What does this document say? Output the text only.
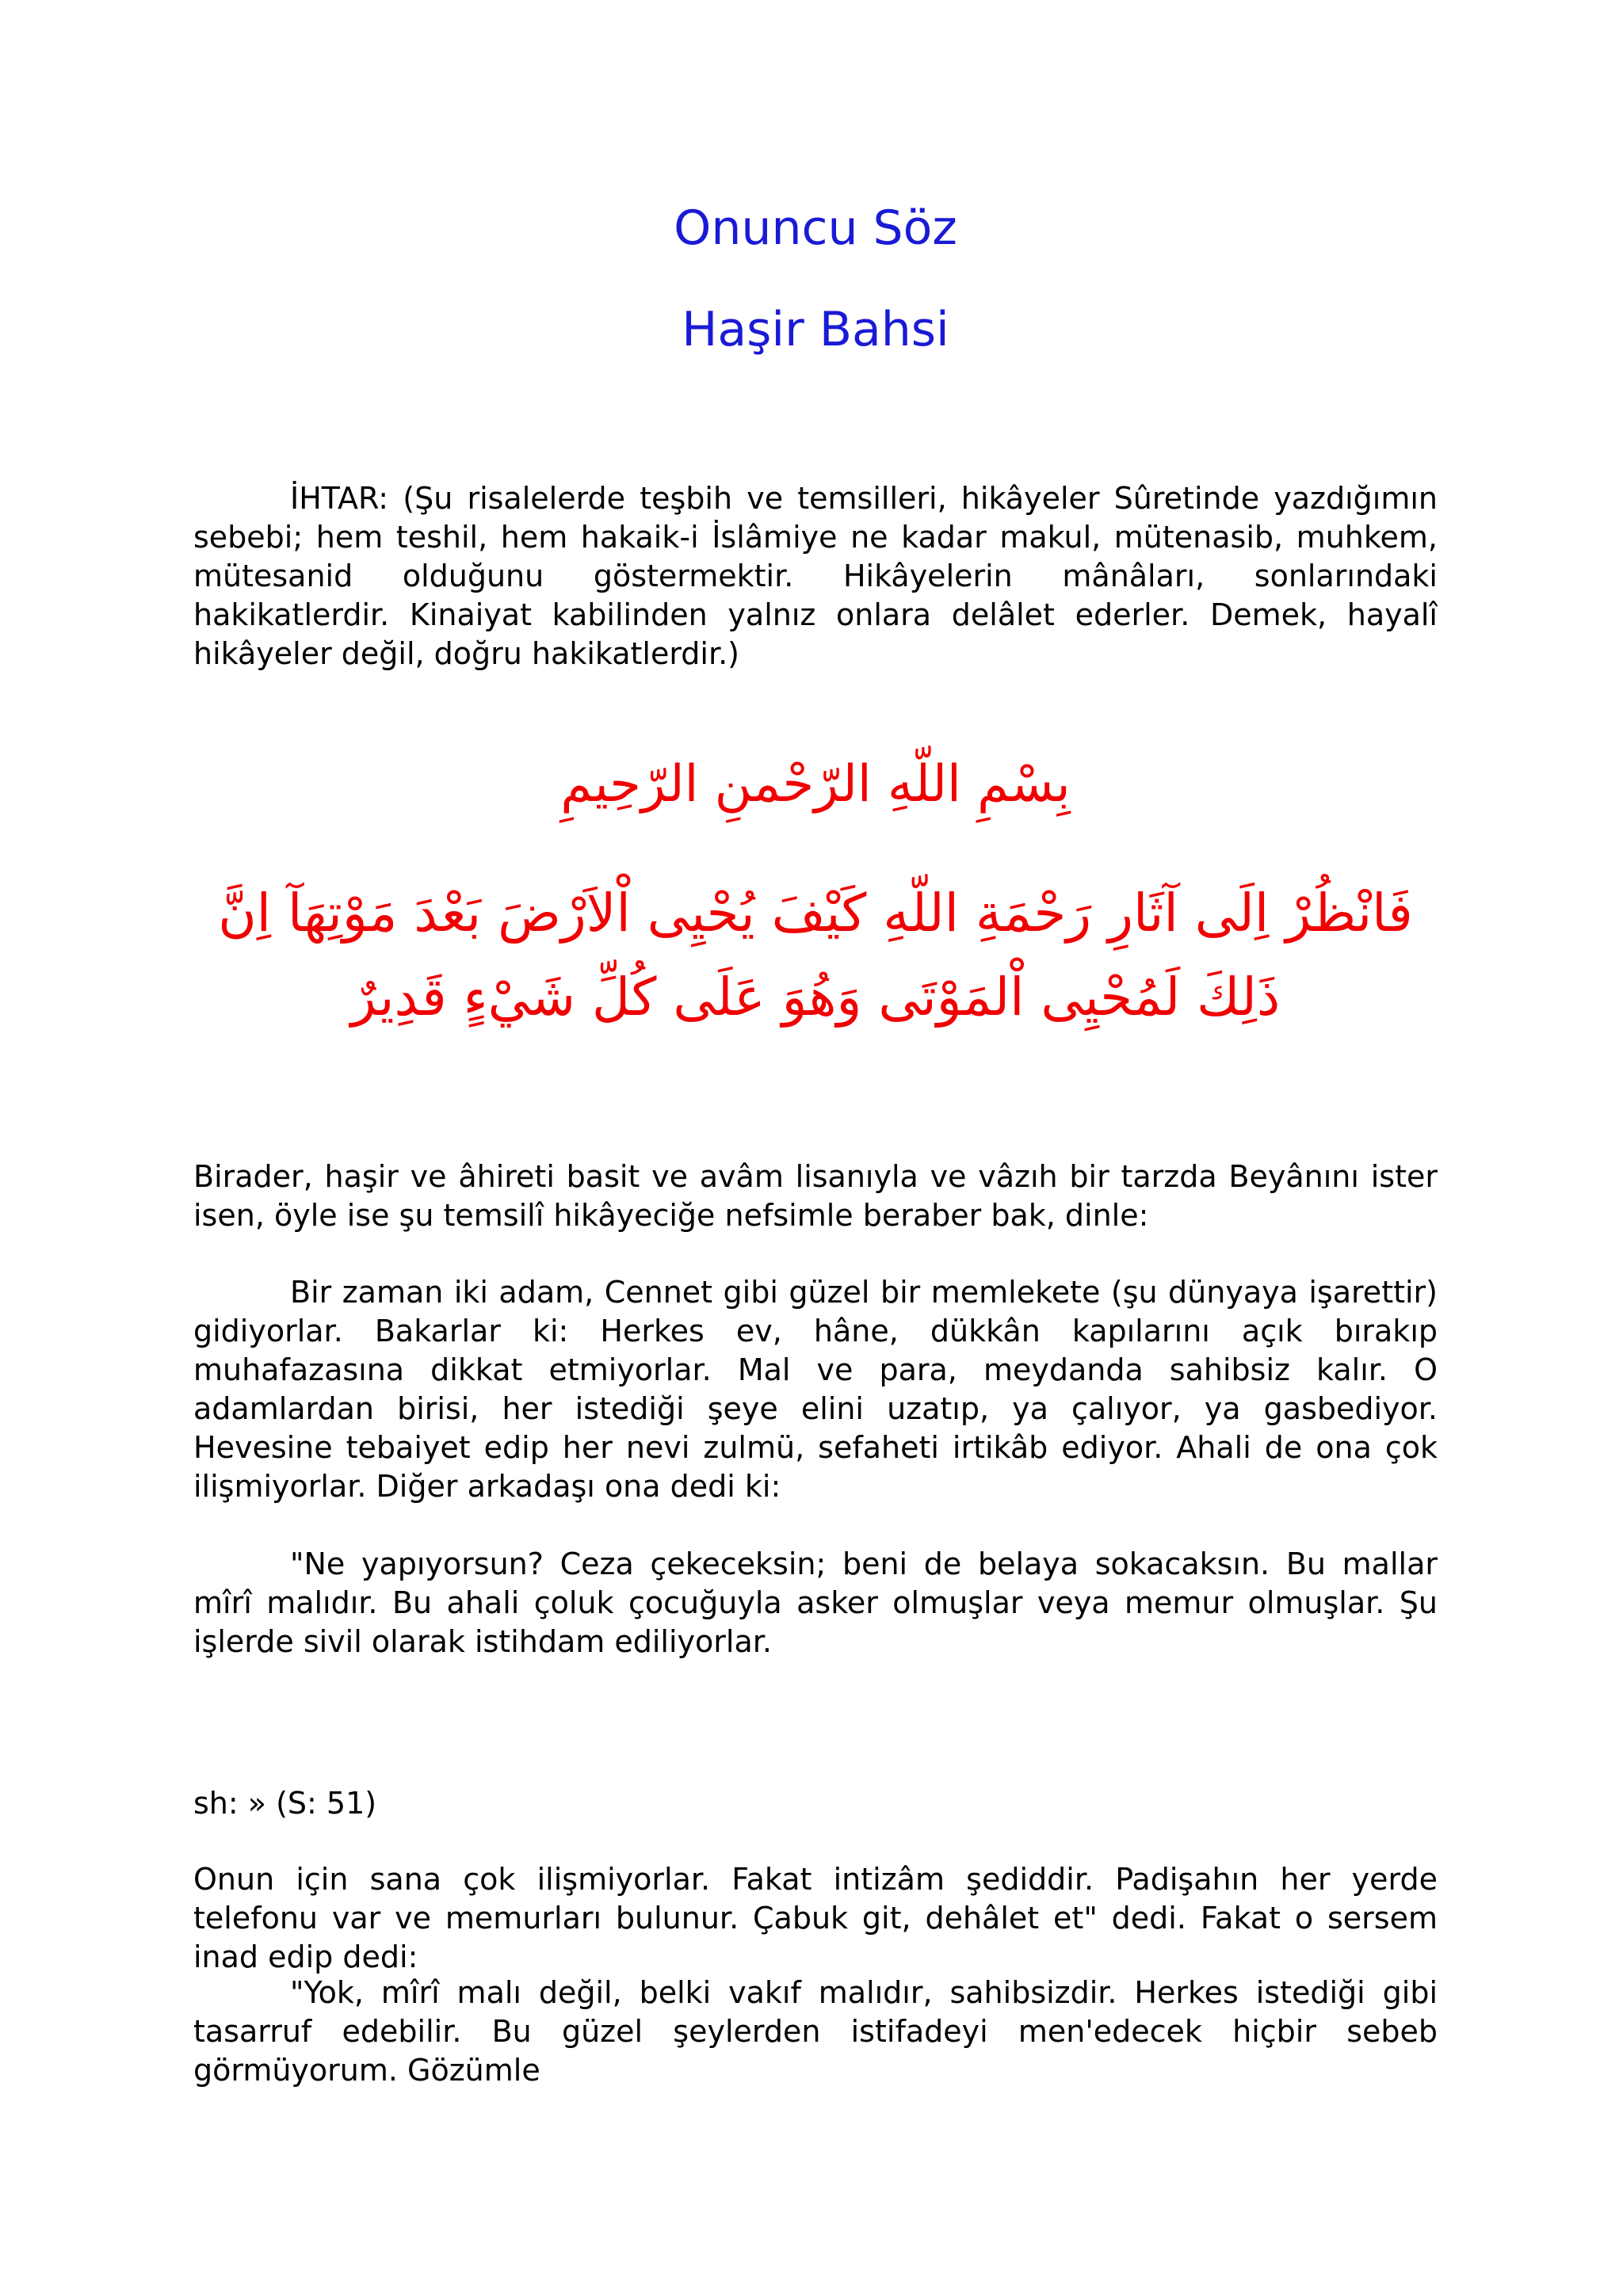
Onuncu Söz
Haşir Bahsi

İHTAR: (Şu risalelerde teşbih ve temsilleri, hikâyeler Sûretinde yazdığımın sebebi; hem teshil, hem hakaik-i İslâmiye ne kadar makul, mütenasib, muhkem, mütesanid olduğunu göstermektir. Hikâyelerin mânâları, sonlarındaki hakikatlerdir. Kinaiyat kabilinden yalnız onlara delâlet ederler. Demek, hayalî hikâyeler değil, doğru hakikatlerdir.)

بِسْمِ اللّهِ الرّحْمنِ الرّحِيمِ

فَانْظُرْ اِلَى آثَارِ رَحْمَةِ اللّهِ كَيْفَ يُحْيِى اْلاَرْضَ بَعْدَ مَوْتِهَآ اِنَّ ذَلِكَ لَمُحْيِى اْلمَوْتَى وَهُوَ عَلَى كُلِّ شَيْءٍ قَدِيرٌ

Birader, haşir ve âhireti basit ve avâm lisanıyla ve vâzıh bir tarzda Beyânını ister isen, öyle ise şu temsilî hikâyeciğe nefsimle beraber bak, dinle:

Bir zaman iki adam, Cennet gibi güzel bir memlekete (şu dünyaya işarettir) gidiyorlar. Bakarlar ki: Herkes ev, hâne, dükkân kapılarını açık bırakıp muhafazasına dikkat etmiyorlar. Mal ve para, meydanda sahibsiz kalır. O adamlardan birisi, her istediği şeye elini uzatıp, ya çalıyor, ya gasbediyor. Hevesine tebaiyet edip her nevi zulmü, sefaheti irtikâb ediyor. Ahali de ona çok ilişmiyorlar. Diğer arkadaşı ona dedi ki:

"Ne yapıyorsun? Ceza çekeceksin; beni de belaya sokacaksın. Bu mallar mîrî malıdır. Bu ahali çoluk çocuğuyla asker olmuşlar veya memur olmuşlar. Şu işlerde sivil olarak istihdam ediliyorlar.

sh: » (S: 51)

Onun için sana çok ilişmiyorlar. Fakat intizâm şediddir. Padişahın her yerde telefonu var ve memurları bulunur. Çabuk git, dehâlet et" dedi. Fakat o sersem inad edip dedi:

"Yok, mîrî malı değil, belki vakıf malıdır, sahibsizdir. Herkes istediği gibi tasarruf edebilir. Bu güzel şeylerden istifadeyi men'edecek hiçbir sebeb görmüyorum. Gözümle
